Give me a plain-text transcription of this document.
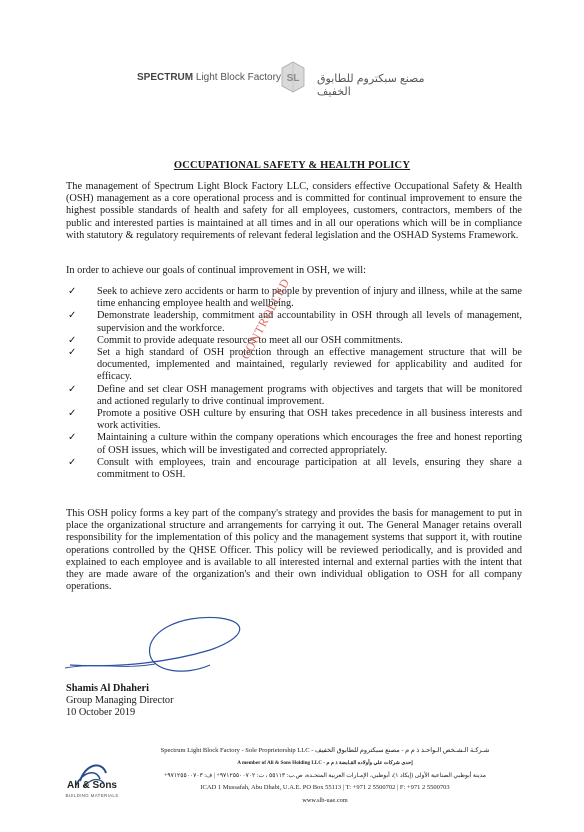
SPECTRUM Light Block Factory SL مصنع سبكتروم للطابوق الخفيف
OCCUPATIONAL SAFETY & HEALTH POLICY
The management of Spectrum Light Block Factory LLC, considers effective Occupational Safety & Health (OSH) management as a core operational process and is committed for continual improvement to ensure the highest possible standards of health and safety for all employees, customers, contractors, members of the public and interested parties is maintained at all times and in all our operations which will be in compliance with statutory & regulatory requirements of relevant federal legislation and the OSHAD Systems Framework.
In order to achieve our goals of continual improvement in OSH, we will:
✓ Seek to achieve zero accidents or harm to people by prevention of injury and illness, while at the same time enhancing employee health and wellbeing.
✓ Demonstrate leadership, commitment and accountability in OSH through all levels of management, supervision and the workforce.
✓ Commit to provide adequate resources to meet all our OSH commitments.
✓ Set a high standard of OSH protection through an effective management structure that will be documented, implemented and maintained, regularly reviewed for applicability and audited for efficacy.
✓ Define and set clear OSH management programs with objectives and targets that will be monitored and actioned regularly to drive continual improvement.
✓ Promote a positive OSH culture by ensuring that OSH takes precedence in all business interests and work activities.
✓ Maintaining a culture within the company operations which encourages the free and honest reporting of OSH issues, which will be investigated and corrected appropriately.
✓ Consult with employees, train and encourage participation at all levels, ensuring they share a commitment to OSH.
CONTROLLED
This OSH policy forms a key part of the company's strategy and provides the basis for management to put in place the organizational structure and arrangements for carrying it out. The General Manager retains overall responsibility for the implementation of this policy and the management systems that support it, with routine operations controlled by the QHSE Officer. This policy will be reviewed periodically, and is provided and explained to each employee and is available to all interested internal and external parties with the intent that they are made aware of the organization's and their own individual obligation to OSH for all company operations.
Shamis Al Dhaheri
Group Managing Director
10 October 2019
Ali & Sons
BUILDING MATERIALS
Spectrum Light Block Factory - Sole Proprietorship LLC - شـركـة الـشـخص الـواحـد ذ م م - مصنع سبكتروم للطابوق الخفيف
A member of Ali & Sons Holding LLC - إحدى شركات علي وأولاده القـابضة ذ م م
مدينة أبوظبي الصناعية الأولى (إيكاد ١)، أبوظبي، الإمـارات العربية المتحـدة، ص.ب: ٥٥١١٣ ، ت: ٩٧١٢٥٥٠٠٧٠٢+ | ف: ٩٧١٢٥٥٠٠٧٠٣+
ICAD 1 Mussafah, Abu Dhabi, U.A.E. PO Box 55113 | T: +971 2 5500702 | F: +971 2 5500703
www.slb-uae.com
